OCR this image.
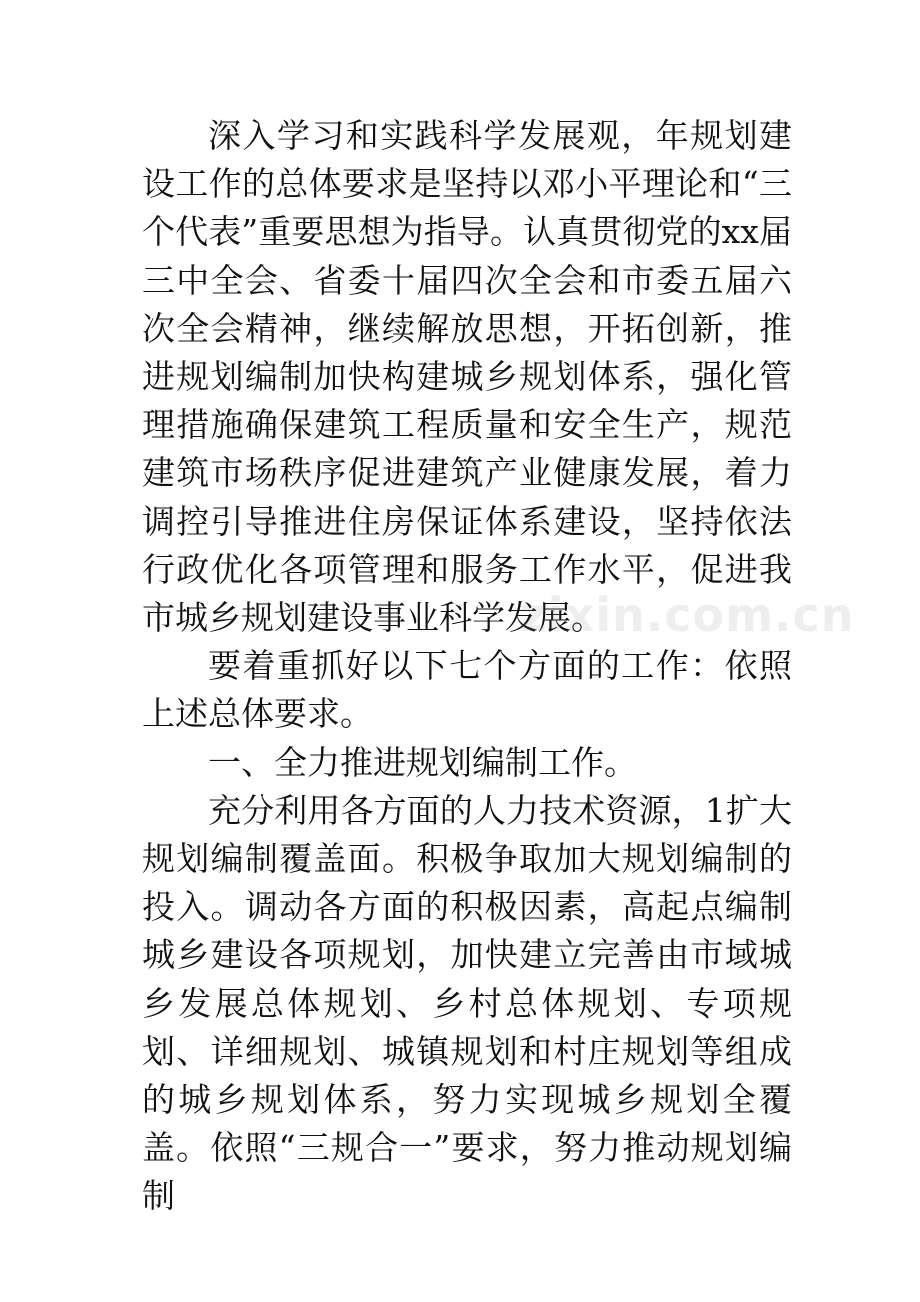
深入学习和实践科学发展观，年规划建设工作的总体要求是坚持以邓小平理论和“三个代表”重要思想为指导。认真贯彻党的xx届三中全会、省委十届四次全会和市委五届六次全会精神，继续解放思想，开拓创新，推进规划编制加快构建城乡规划体系，强化管理措施确保建筑工程质量和安全生产，规范建筑市场秩序促进建筑产业健康发展，着力调控引导推进住房保证体系建设，坚持依法行政优化各项管理和服务工作水平，促进我市城乡规划建设事业科学发展。

要着重抓好以下七个方面的工作：依照上述总体要求。

一、全力推进规划编制工作。

充分利用各方面的人力技术资源，1扩大规划编制覆盖面。积极争取加大规划编制的投入。调动各方面的积极因素，高起点编制城乡建设各项规划，加快建立完善由市域城乡发展总体规划、乡村总体规划、专项规划、详细规划、城镇规划和村庄规划等组成的城乡规划体系，努力实现城乡规划全覆盖。依照“三规合一”要求，努力推动规划编制

zixin.com.cn
